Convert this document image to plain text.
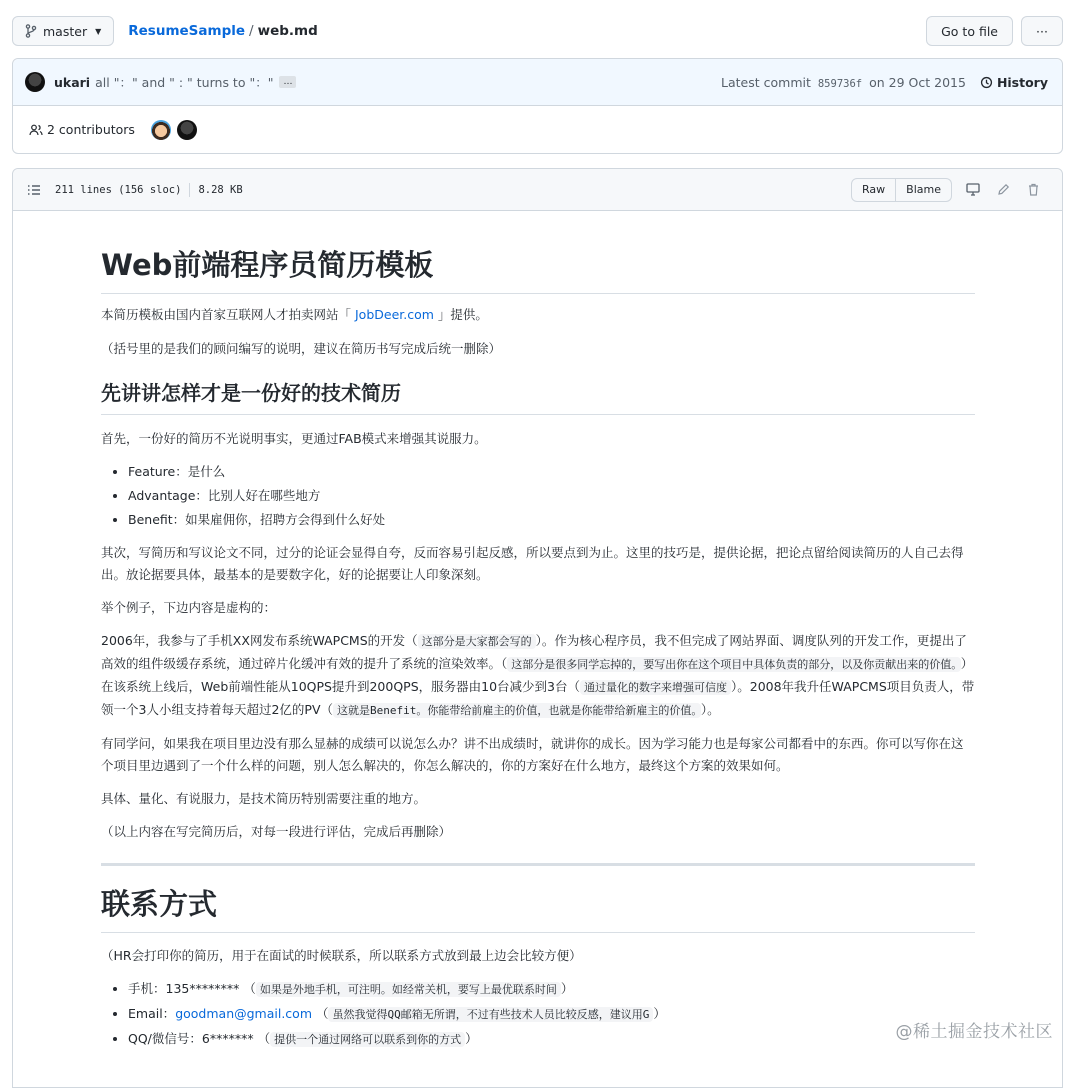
master ▼ ResumeSample / web.md	Go to file	···
ukari all "：" and " : " turns to "："	…	Latest commit 859736f on 29 Oct 2015 History
2 contributors
211 lines (156 sloc) 8.28 KB	Raw	Blame
Web前端程序员简历模板

本简历模板由国内首家互联网人才拍卖网站「 JobDeer.com 」提供。

（括号里的是我们的顾问编写的说明，建议在简历书写完成后统一删除）

先讲讲怎样才是一份好的技术简历

首先，一份好的简历不光说明事实，更通过FAB模式来增强其说服力。

• Feature：是什么
• Advantage：比别人好在哪些地方
• Benefit：如果雇佣你，招聘方会得到什么好处

其次，写简历和写议论文不同，过分的论证会显得自夸，反而容易引起反感，所以要点到为止。这里的技巧是，提供论据，把论点留给阅读简历的人自己去得出。放论据要具体，最基本的是要数字化，好的论据要让人印象深刻。

举个例子，下边内容是虚构的：

2006年，我参与了手机XX网发布系统WAPCMS的开发（ 这部分是大家都会写的 ）。作为核心程序员，我不但完成了网站界面、调度队列的开发工作，更提出了高效的组件级缓存系统，通过碎片化缓冲有效的提升了系统的渲染效率。（ 这部分是很多同学忘掉的，要写出你在这个项目中具体负责的部分，以及你贡献出来的价值。 ）在该系统上线后，Web前端性能从10QPS提升到200QPS，服务器由10台减少到3台（ 通过量化的数字来增强可信度 ）。2008年我升任WAPCMS项目负责人，带领一个3人小组支持着每天超过2亿的PV（ 这就是Benefit。你能带给前雇主的价值，也就是你能带给新雇主的价值。 ）。

有同学问，如果我在项目里边没有那么显赫的成绩可以说怎么办？讲不出成绩时，就讲你的成长。因为学习能力也是每家公司都看中的东西。你可以写你在这个项目里边遇到了一个什么样的问题，别人怎么解决的，你怎么解决的，你的方案好在什么地方，最终这个方案的效果如何。

具体、量化、有说服力，是技术简历特别需要注重的地方。

（以上内容在写完简历后，对每一段进行评估，完成后再删除）

联系方式

（HR会打印你的简历，用于在面试的时候联系，所以联系方式放到最上边会比较方便）

• 手机：135******** （ 如果是外地手机，可注明。如经常关机，要写上最优联系时间 ）
• Email：goodman@gmail.com （ 虽然我觉得QQ邮箱无所谓，不过有些技术人员比较反感，建议用G ）
• QQ/微信号：6******* （ 提供一个通过网络可以联系到你的方式 ）	@稀土掘金技术社区
